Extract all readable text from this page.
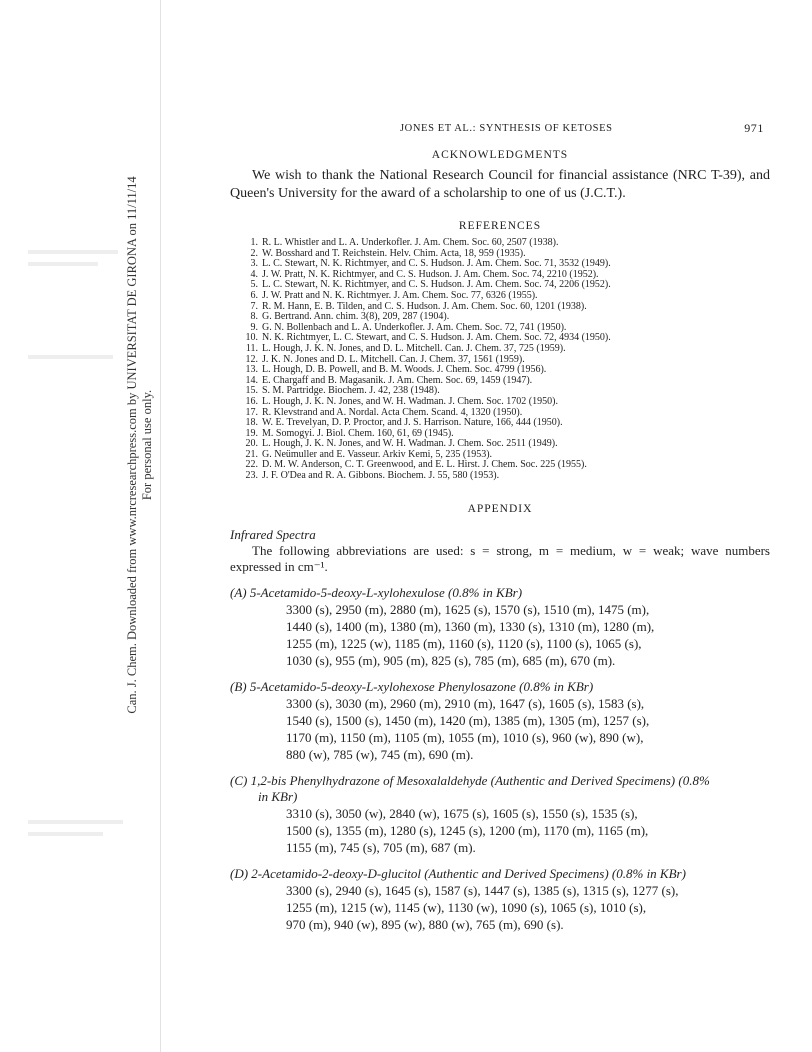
Can. J. Chem. Downloaded from www.nrcresearchpress.com by UNIVERSITAT DE GIRONA on 11/11/14 For personal use only.
JONES ET AL.: SYNTHESIS OF KETOSES	971
ACKNOWLEDGMENTS
We wish to thank the National Research Council for financial assistance (NRC T-39), and Queen's University for the award of a scholarship to one of us (J.C.T.).
REFERENCES
1. R. L. Whistler and L. A. Underkofler. J. Am. Chem. Soc. 60, 2507 (1938).
2. W. Bosshard and T. Reichstein. Helv. Chim. Acta, 18, 959 (1935).
3. L. C. Stewart, N. K. Richtmyer, and C. S. Hudson. J. Am. Chem. Soc. 71, 3532 (1949).
4. J. W. Pratt, N. K. Richtmyer, and C. S. Hudson. J. Am. Chem. Soc. 74, 2210 (1952).
5. L. C. Stewart, N. K. Richtmyer, and C. S. Hudson. J. Am. Chem. Soc. 74, 2206 (1952).
6. J. W. Pratt and N. K. Richtmyer. J. Am. Chem. Soc. 77, 6326 (1955).
7. R. M. Hann, E. B. Tilden, and C. S. Hudson. J. Am. Chem. Soc. 60, 1201 (1938).
8. G. Bertrand. Ann. chim. 3(8), 209, 287 (1904).
9. G. N. Bollenbach and L. A. Underkofler. J. Am. Chem. Soc. 72, 741 (1950).
10. N. K. Richtmyer, L. C. Stewart, and C. S. Hudson. J. Am. Chem. Soc. 72, 4934 (1950).
11. L. Hough, J. K. N. Jones, and D. L. Mitchell. Can. J. Chem. 37, 725 (1959).
12. J. K. N. Jones and D. L. Mitchell. Can. J. Chem. 37, 1561 (1959).
13. L. Hough, D. B. Powell, and B. M. Woods. J. Chem. Soc. 4799 (1956).
14. E. Chargaff and B. Magasanik. J. Am. Chem. Soc. 69, 1459 (1947).
15. S. M. Partridge. Biochem. J. 42, 238 (1948).
16. L. Hough, J. K. N. Jones, and W. H. Wadman. J. Chem. Soc. 1702 (1950).
17. R. Klevstrand and A. Nordal. Acta Chem. Scand. 4, 1320 (1950).
18. W. E. Trevelyan, D. P. Proctor, and J. S. Harrison. Nature, 166, 444 (1950).
19. M. Somogyi. J. Biol. Chem. 160, 61, 69 (1945).
20. L. Hough, J. K. N. Jones, and W. H. Wadman. J. Chem. Soc. 2511 (1949).
21. G. Neümuller and E. Vasseur. Arkiv Kemi, 5, 235 (1953).
22. D. M. W. Anderson, C. T. Greenwood, and E. L. Hirst. J. Chem. Soc. 225 (1955).
23. J. F. O'Dea and R. A. Gibbons. Biochem. J. 55, 580 (1953).
APPENDIX
Infrared Spectra
The following abbreviations are used: s = strong, m = medium, w = weak; wave numbers expressed in cm⁻¹.
(A) 5-Acetamido-5-deoxy-L-xylohexulose (0.8% in KBr)
3300 (s), 2950 (m), 2880 (m), 1625 (s), 1570 (s), 1510 (m), 1475 (m),
1440 (s), 1400 (m), 1380 (m), 1360 (m), 1330 (s), 1310 (m), 1280 (m),
1255 (m), 1225 (w), 1185 (m), 1160 (s), 1120 (s), 1100 (s), 1065 (s),
1030 (s), 955 (m), 905 (m), 825 (s), 785 (m), 685 (m), 670 (m).
(B) 5-Acetamido-5-deoxy-L-xylohexose Phenylosazone (0.8% in KBr)
3300 (s), 3030 (m), 2960 (m), 2910 (m), 1647 (s), 1605 (s), 1583 (s),
1540 (s), 1500 (s), 1450 (m), 1420 (m), 1385 (m), 1305 (m), 1257 (s),
1170 (m), 1150 (m), 1105 (m), 1055 (m), 1010 (s), 960 (w), 890 (w),
880 (w), 785 (w), 745 (m), 690 (m).
(C) 1,2-bis Phenylhydrazone of Mesoxalaldehyde (Authentic and Derived Specimens) (0.8%
in KBr)
3310 (s), 3050 (w), 2840 (w), 1675 (s), 1605 (s), 1550 (s), 1535 (s),
1500 (s), 1355 (m), 1280 (s), 1245 (s), 1200 (m), 1170 (m), 1165 (m),
1155 (m), 745 (s), 705 (m), 687 (m).
(D) 2-Acetamido-2-deoxy-D-glucitol (Authentic and Derived Specimens) (0.8% in KBr)
3300 (s), 2940 (s), 1645 (s), 1587 (s), 1447 (s), 1385 (s), 1315 (s), 1277 (s),
1255 (m), 1215 (w), 1145 (w), 1130 (w), 1090 (s), 1065 (s), 1010 (s),
970 (m), 940 (w), 895 (w), 880 (w), 765 (m), 690 (s).
